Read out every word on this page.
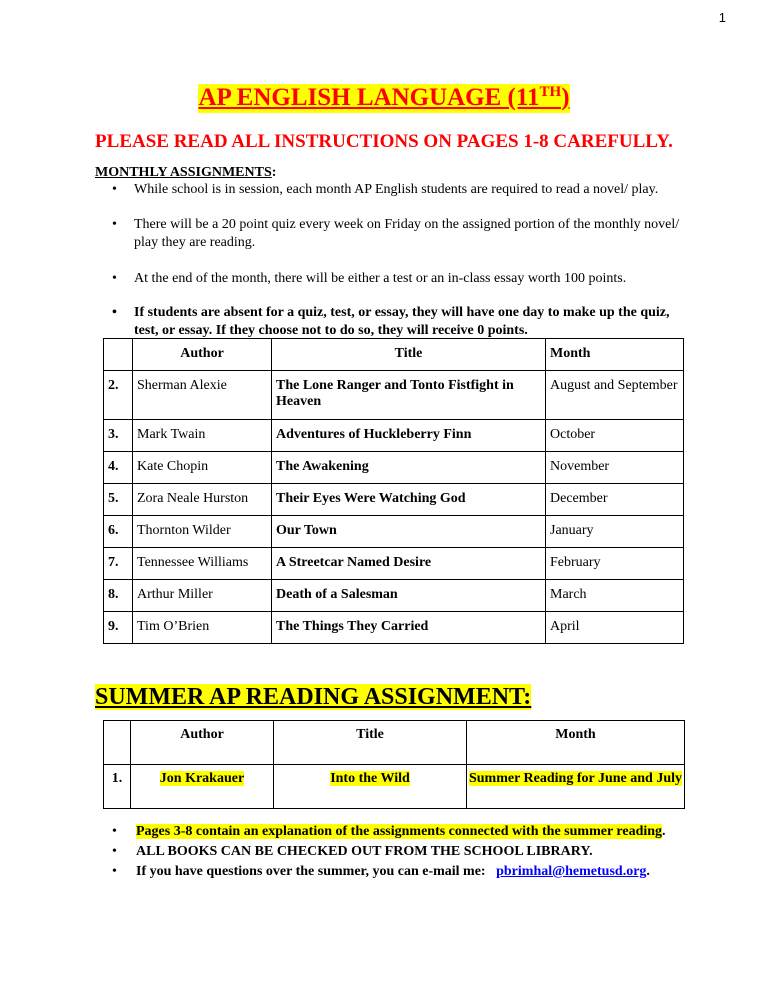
1
AP ENGLISH LANGUAGE (11TH)
PLEASE READ ALL INSTRUCTIONS ON PAGES 1-8 CAREFULLY.
MONTHLY ASSIGNMENTS:
• While school is in session, each month AP English students are required to read a novel/ play.
• There will be a 20 point quiz every week on Friday on the assigned portion of the monthly novel/ play they are reading.
• At the end of the month, there will be either a test or an in-class essay worth 100 points.
• If students are absent for a quiz, test, or essay, they will have one day to make up the quiz, test, or essay. If they choose not to do so, they will receive 0 points.
	Author	Title	Month
2.	Sherman Alexie	The Lone Ranger and Tonto Fistfight in Heaven	August and September
3.	Mark Twain	Adventures of Huckleberry Finn	October
4.	Kate Chopin	The Awakening	November
5.	Zora Neale Hurston	Their Eyes Were Watching God	December
6.	Thornton Wilder	Our Town	January
7.	Tennessee Williams	A Streetcar Named Desire	February
8.	Arthur Miller	Death of a Salesman	March
9.	Tim O’Brien	The Things They Carried	April
SUMMER AP READING ASSIGNMENT:
	Author	Title	Month
1.	Jon Krakauer	Into the Wild	Summer Reading for June and July
• Pages 3-8 contain an explanation of the assignments connected with the summer reading.
• ALL BOOKS CAN BE CHECKED OUT FROM THE SCHOOL LIBRARY.
• If you have questions over the summer, you can e-mail me: pbrimhal@hemetusd.org.
